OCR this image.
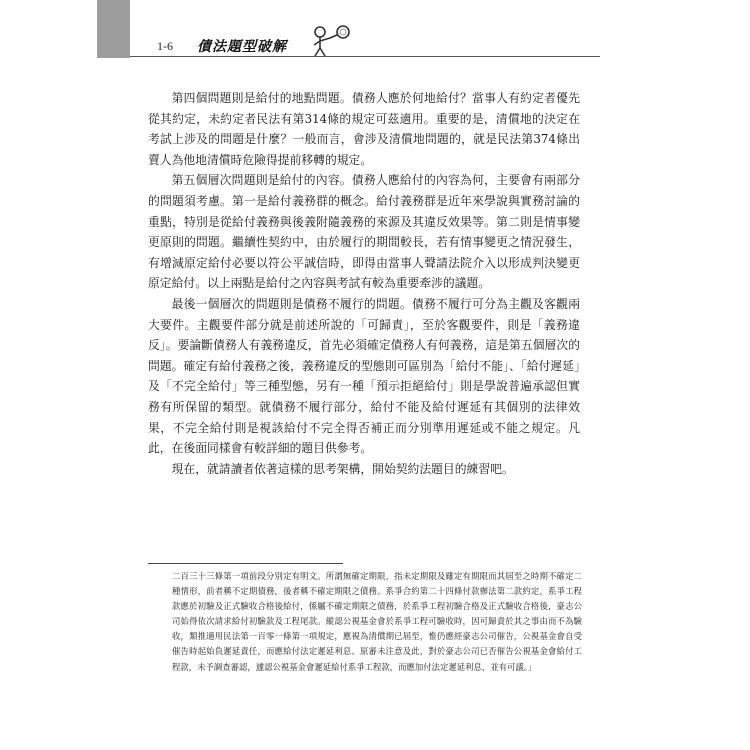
1-6 債法題型破解

第四個問題則是給付的地點問題。債務人應於何地給付？當事人有約定者優先從其約定，未約定者民法有第314條的規定可茲適用。重要的是，清償地的決定在考試上涉及的問題是什麼？一般而言，會涉及清償地問題的，就是民法第374條出賣人為他地清償時危險得提前移轉的規定。

第五個層次問題則是給付的內容。債務人應給付的內容為何，主要會有兩部分的問題須考慮。第一是給付義務群的概念。給付義務群是近年來學說與實務討論的重點，特別是從給付義務與後義附隨義務的來源及其違反效果等。第二則是情事變更原則的問題。繼續性契約中，由於履行的期間較長，若有情事變更之情況發生，有增減原定給付必要以符公平誠信時，即得由當事人聲請法院介入以形成判決變更原定給付。以上兩點是給付之內容與考試有較為重要牽涉的議題。

最後一個層次的問題則是債務不履行的問題。債務不履行可分為主觀及客觀兩大要件。主觀要件部分就是前述所說的「可歸責」，至於客觀要件，則是「義務違反」。要論斷債務人有義務違反，首先必須確定債務人有何義務，這是第五個層次的問題。確定有給付義務之後，義務違反的型態則可區別為「給付不能」、「給付遲延」及「不完全給付」等三種型態，另有一種「預示拒絕給付」則是學說普遍承認但實務有所保留的類型。就債務不履行部分，給付不能及給付遲延有其個別的法律效果，不完全給付則是視該給付不完全得否補正而分別準用遲延或不能之規定。凡此，在後面同樣會有較詳細的題目供參考。

現在，就請讀者依著這樣的思考架構，開始契約法題目的練習吧。

二百三十三條第一項前段分別定有明文。所謂無確定期限，指未定期限及雖定有期限而其屆至之時期不確定二種情形，前者稱不定期債務，後者稱不確定期限之債務。系爭合約第二十四條付款辦法第二款約定，系爭工程款應於初驗及正式驗收合格後給付，係屬不確定期限之債務，於系爭工程初驗合格及正式驗收合格後，豪志公司始得依次請求給付初驗款及工程尾款。縱認公視基金會於系爭工程可驗收時，因可歸責於其之事由而不為驗收，類推適用民法第一百零一條第一項規定，應視為清償期已屆至，惟仍應經豪志公司催告，公視基金會自受催告時起始負遲延責任，而應給付法定遲延利息。原審未注意及此，對於豪志公司已否催告公視基金會給付工程款，未予調查審認，遽認公視基金會遲延給付系爭工程款，而應加付法定遲延利息，並有可議。」
